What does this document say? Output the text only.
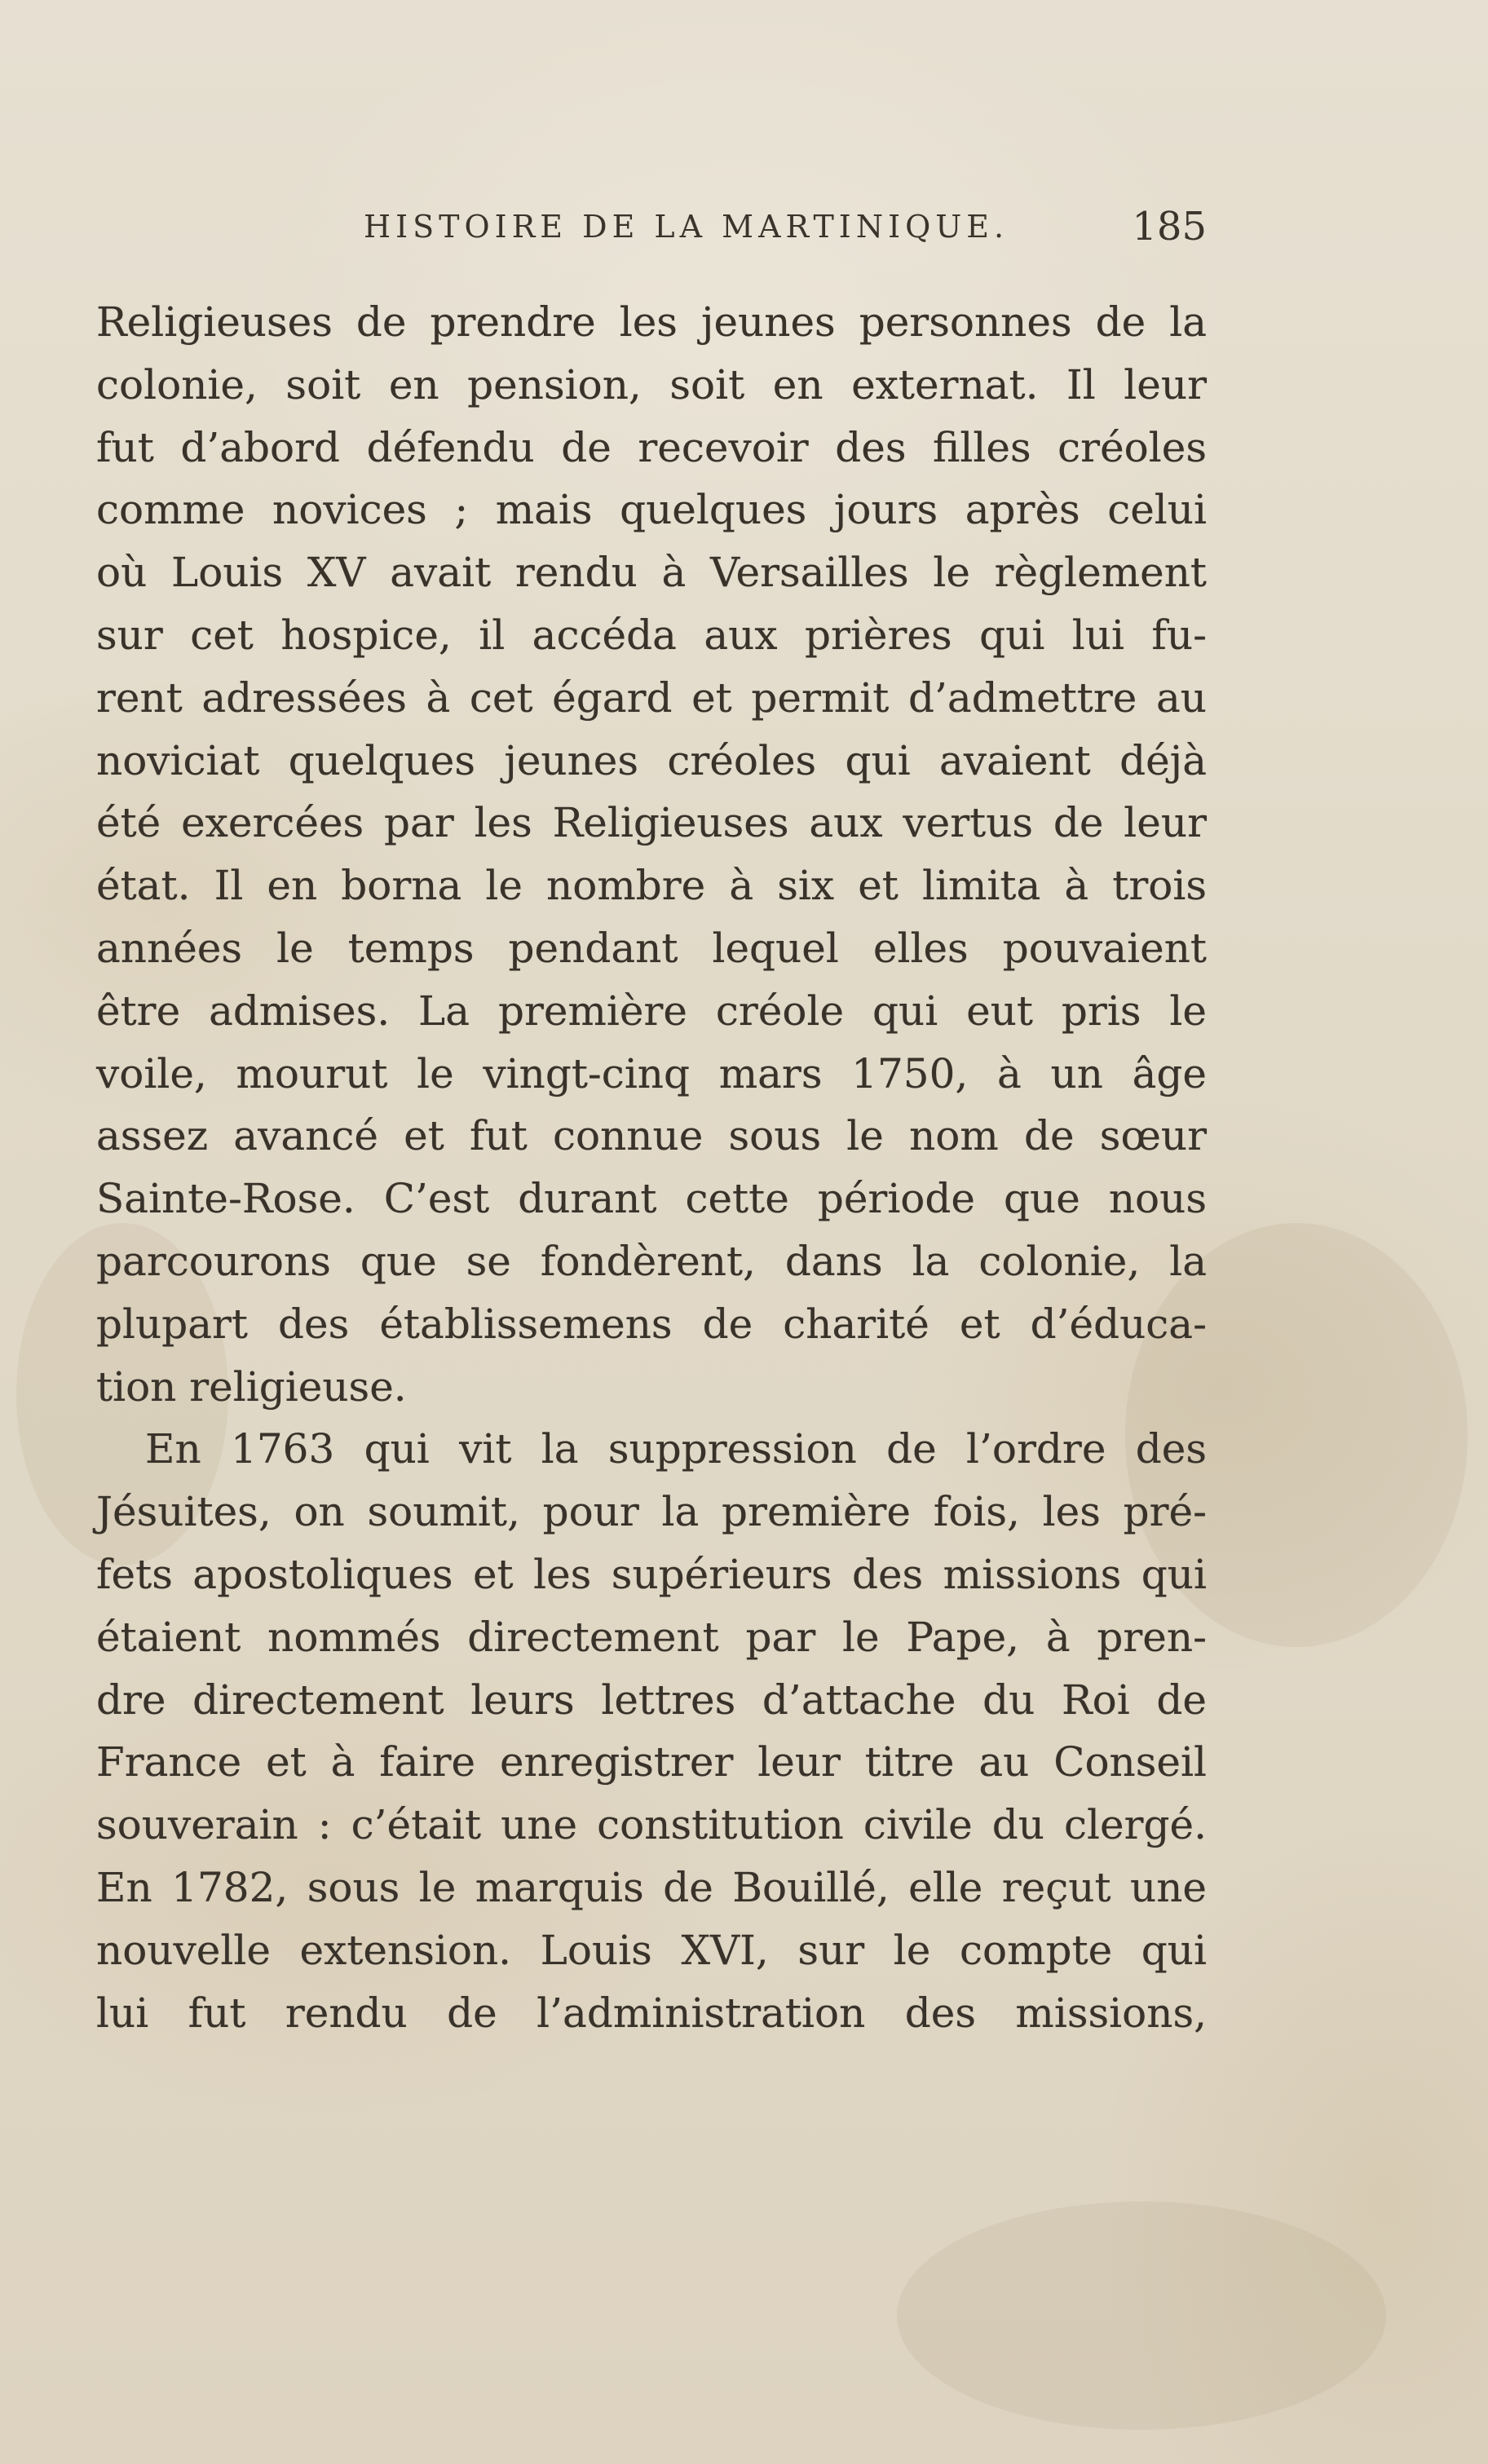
HISTOIRE DE LA MARTINIQUE.	185
Religieuses de prendre les jeunes personnes de la
colonie, soit en pension, soit en externat. Il leur
fut d’abord défendu de recevoir des filles créoles
comme novices ; mais quelques jours après celui
où Louis XV avait rendu à Versailles le règlement
sur cet hospice, il accéda aux prières qui lui fu-
rent adressées à cet égard et permit d’admettre au
noviciat quelques jeunes créoles qui avaient déjà
été exercées par les Religieuses aux vertus de leur
état. Il en borna le nombre à six et limita à trois
années le temps pendant lequel elles pouvaient
être admises. La première créole qui eut pris le
voile, mourut le vingt-cinq mars 1750, à un âge
assez avancé et fut connue sous le nom de sœur
Sainte-Rose. C’est durant cette période que nous
parcourons que se fondèrent, dans la colonie, la
plupart des établissemens de charité et d’éduca-
tion religieuse.
En 1763 qui vit la suppression de l’ordre des
Jésuites, on soumit, pour la première fois, les pré-
fets apostoliques et les supérieurs des missions qui
étaient nommés directement par le Pape, à pren-
dre directement leurs lettres d’attache du Roi de
France et à faire enregistrer leur titre au Conseil
souverain : c’était une constitution civile du clergé.
En 1782, sous le marquis de Bouillé, elle reçut une
nouvelle extension. Louis XVI, sur le compte qui
lui fut rendu de l’administration des missions,
